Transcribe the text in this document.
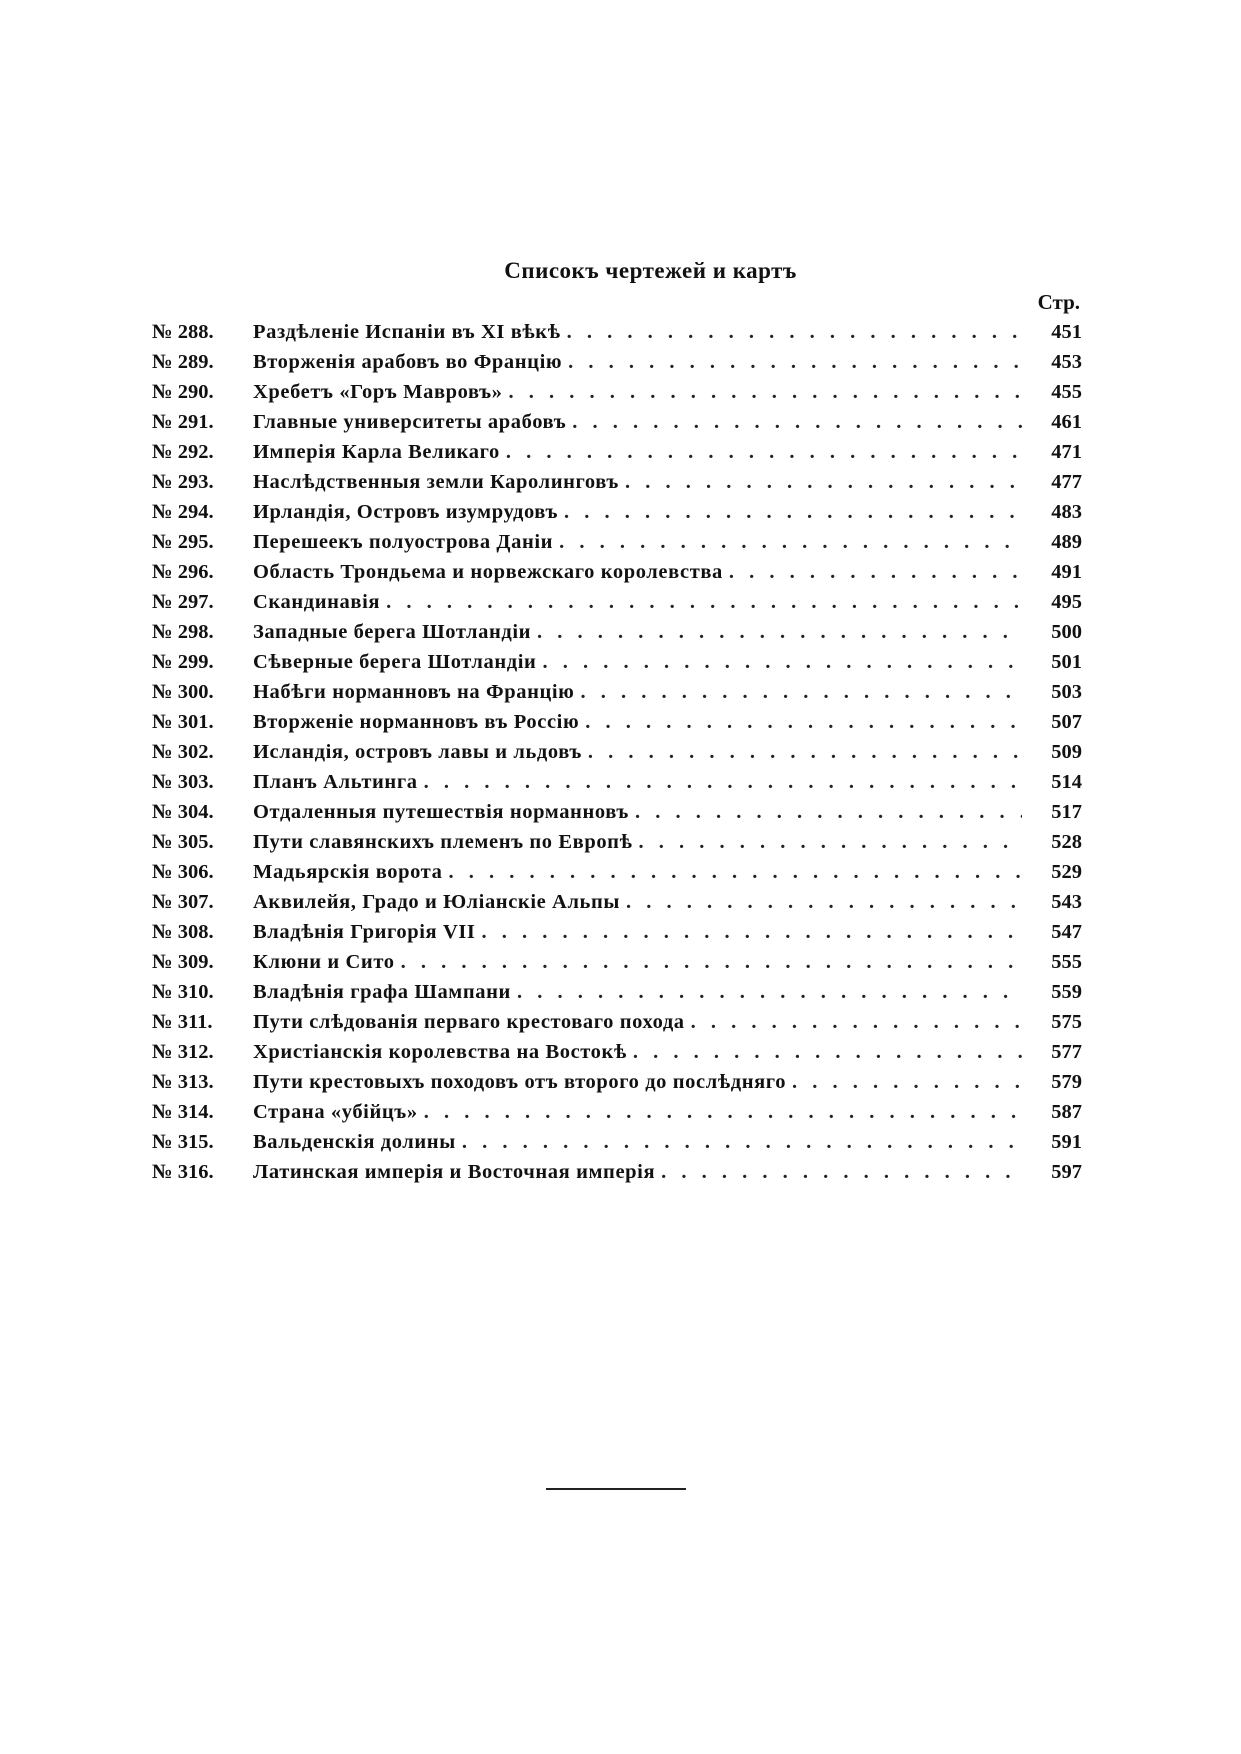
Списокъ чертежей и картъ
Стр.
№ 288.	Раздѣленіе Испаніи въ XI вѣкѣ . . .	451
№ 289.	Вторженія арабовъ во Францію . . .	453
№ 290.	Хребетъ «Горъ Мавровъ» . . .	455
№ 291.	Главные университеты арабовъ . . .	461
№ 292.	Имперія Карла Великаго . . .	471
№ 293.	Наслѣдственныя земли Каролинговъ . . .	477
№ 294.	Ирландія, Островъ изумрудовъ . . .	483
№ 295.	Перешеекъ полуострова Даніи . . .	489
№ 296.	Область Трондьема и норвежскаго королевства . . .	491
№ 297.	Скандинавія . . .	495
№ 298.	Западные берега Шотландіи . . .	500
№ 299.	Сѣверные берега Шотландіи . . .	501
№ 300.	Набѣги норманновъ на Францію . . .	503
№ 301.	Вторженіе норманновъ въ Россію . . .	507
№ 302.	Исландія, островъ лавы и льдовъ . . .	509
№ 303.	Планъ Альтинга . . .	514
№ 304.	Отдаленныя путешествія норманновъ . . .	517
№ 305.	Пути славянскихъ племенъ по Европѣ . . .	528
№ 306.	Мадьярскія ворота . . .	529
№ 307.	Аквилейя, Градо и Юлiанскіе Альпы . . .	543
№ 308.	Владѣнія Григорія VII . . .	547
№ 309.	Клюни и Сито . . .	555
№ 310.	Владѣнія графа Шампани . . .	559
№ 311.	Пути слѣдованія перваго крестоваго похода . . .	575
№ 312.	Христіанскія королевства на Востокѣ . . .	577
№ 313.	Пути крестовыхъ походовъ отъ второго до послѣдняго . . .	579
№ 314.	Страна «убійцъ» . . .	587
№ 315.	Вальденскія долины . . .	591
№ 316.	Латинская имперія и Восточная имперія . . .	597
